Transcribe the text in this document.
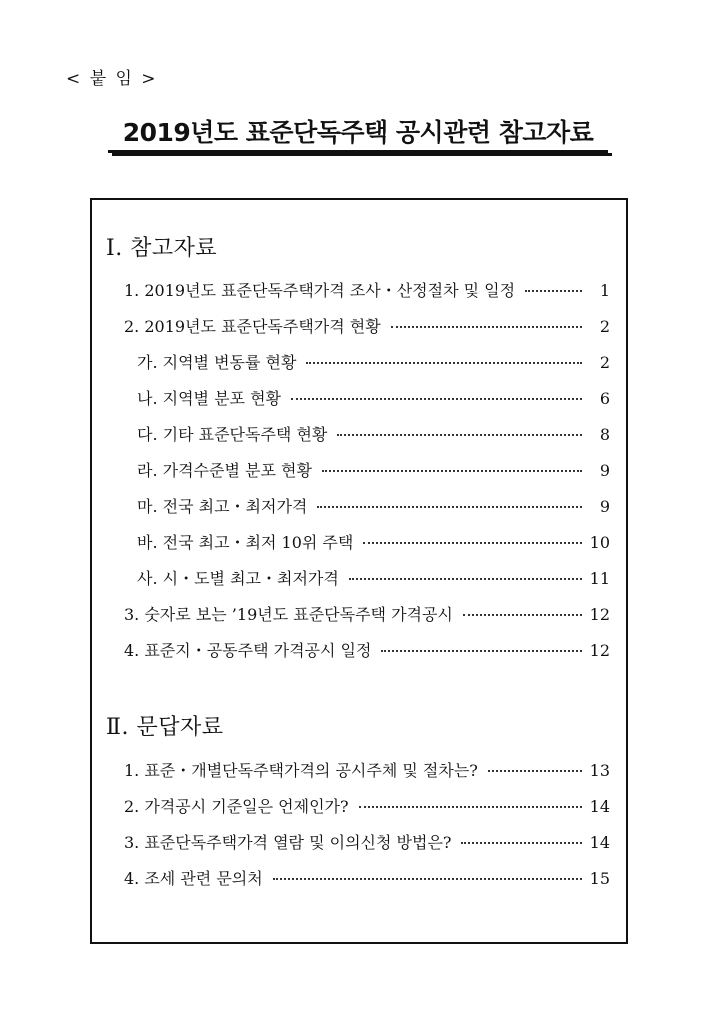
< 붙 임 >
2019년도 표준단독주택 공시관련 참고자료
Ⅰ. 참고자료
1. 2019년도 표준단독주택가격 조사・산정절차 및 일정	1
2. 2019년도 표준단독주택가격 현황	2
가. 지역별 변동률 현황	2
나. 지역별 분포 현황	6
다. 기타 표준단독주택 현황	8
라. 가격수준별 분포 현황	9
마. 전국 최고・최저가격	9
바. 전국 최고・최저 10위 주택	10
사. 시・도별 최고・최저가격	11
3. 숫자로 보는 ’19년도 표준단독주택 가격공시	12
4. 표준지・공동주택 가격공시 일정	12
Ⅱ. 문답자료
1. 표준・개별단독주택가격의 공시주체 및 절차는?	13
2. 가격공시 기준일은 언제인가?	14
3. 표준단독주택가격 열람 및 이의신청 방법은?	14
4. 조세 관련 문의처	15
